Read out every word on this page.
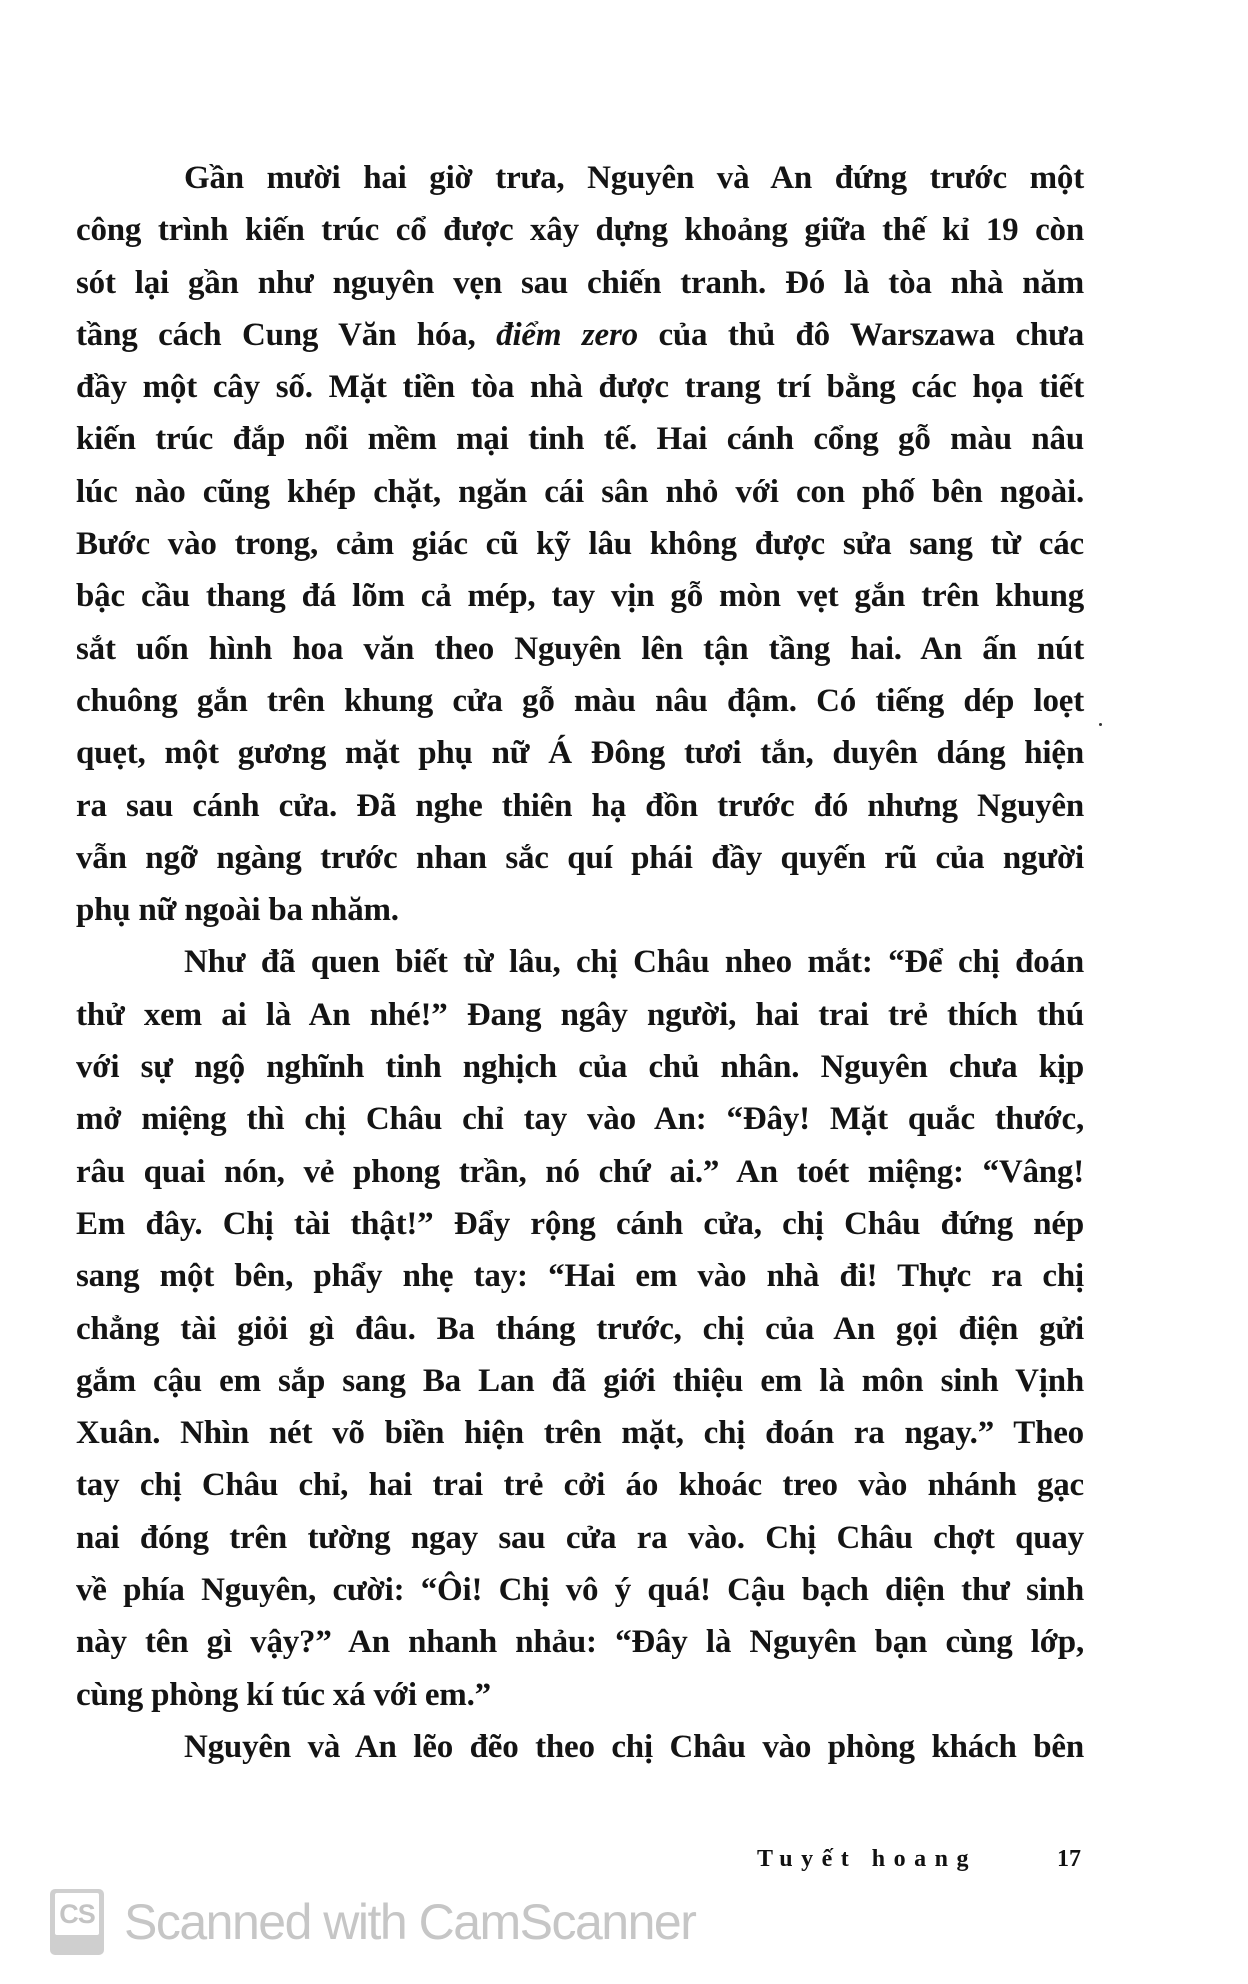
Gần mười hai giờ trưa, Nguyên và An đứng trước một
công trình kiến trúc cổ được xây dựng khoảng giữa thế kỉ 19 còn
sót lại gần như nguyên vẹn sau chiến tranh. Đó là tòa nhà năm
tầng cách Cung Văn hóa, điểm zero của thủ đô Warszawa chưa
đầy một cây số. Mặt tiền tòa nhà được trang trí bằng các họa tiết
kiến trúc đắp nổi mềm mại tinh tế. Hai cánh cổng gỗ màu nâu
lúc nào cũng khép chặt, ngăn cái sân nhỏ với con phố bên ngoài.
Bước vào trong, cảm giác cũ kỹ lâu không được sửa sang từ các
bậc cầu thang đá lõm cả mép, tay vịn gỗ mòn vẹt gắn trên khung
sắt uốn hình hoa văn theo Nguyên lên tận tầng hai. An ấn nút
chuông gắn trên khung cửa gỗ màu nâu đậm. Có tiếng dép loẹt
quẹt, một gương mặt phụ nữ Á Đông tươi tắn, duyên dáng hiện
ra sau cánh cửa. Đã nghe thiên hạ đồn trước đó nhưng Nguyên
vẫn ngỡ ngàng trước nhan sắc quí phái đầy quyến rũ của người
phụ nữ ngoài ba nhăm.
Như đã quen biết từ lâu, chị Châu nheo mắt: “Để chị đoán
thử xem ai là An nhé!” Đang ngây người, hai trai trẻ thích thú
với sự ngộ nghĩnh tinh nghịch của chủ nhân. Nguyên chưa kịp
mở miệng thì chị Châu chỉ tay vào An: “Đây! Mặt quắc thước,
râu quai nón, vẻ phong trần, nó chứ ai.” An toét miệng: “Vâng!
Em đây. Chị tài thật!” Đẩy rộng cánh cửa, chị Châu đứng nép
sang một bên, phẩy nhẹ tay: “Hai em vào nhà đi! Thực ra chị
chẳng tài giỏi gì đâu. Ba tháng trước, chị của An gọi điện gửi
gắm cậu em sắp sang Ba Lan đã giới thiệu em là môn sinh Vịnh
Xuân. Nhìn nét võ biền hiện trên mặt, chị đoán ra ngay.” Theo
tay chị Châu chỉ, hai trai trẻ cởi áo khoác treo vào nhánh gạc
nai đóng trên tường ngay sau cửa ra vào. Chị Châu chợt quay
về phía Nguyên, cười: “Ôi! Chị vô ý quá! Cậu bạch diện thư sinh
này tên gì vậy?” An nhanh nhảu: “Đây là Nguyên bạn cùng lớp,
cùng phòng kí túc xá với em.”
Nguyên và An lẽo đẽo theo chị Châu vào phòng khách bên
Tuyết hoang	17
CS Scanned with CamScanner
